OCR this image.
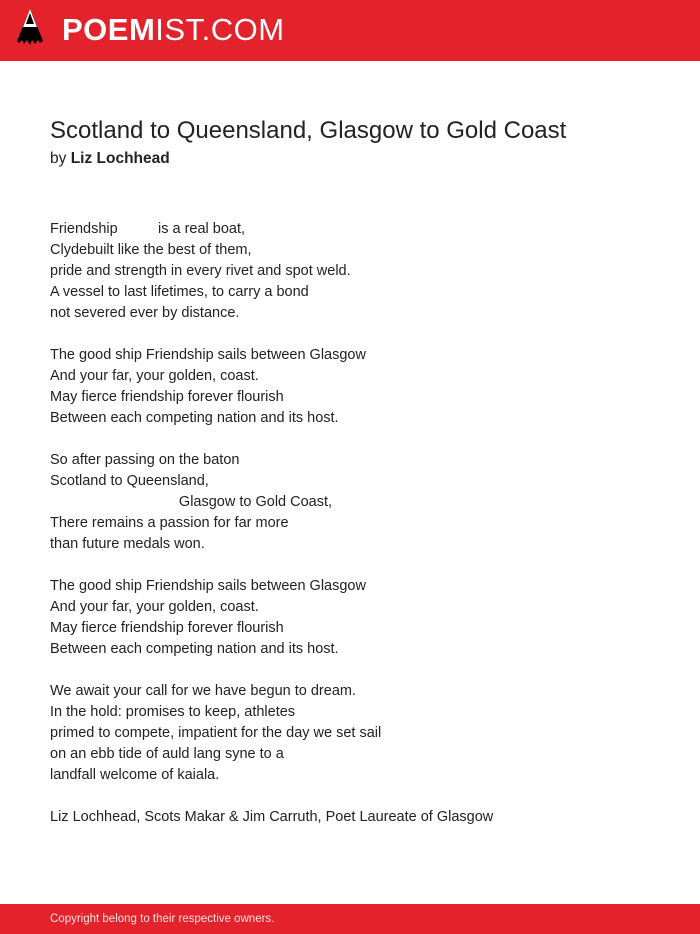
POEMIST.COM
Scotland to Queensland, Glasgow to Gold Coast
by Liz Lochhead
Friendship          is a real boat,
Clydebuilt like the best of them,
pride and strength in every rivet and spot weld.
A vessel to last lifetimes, to carry a bond
not severed ever by distance.
The good ship Friendship sails between Glasgow
And your far, your golden, coast.
May fierce friendship forever flourish
Between each competing nation and its host.
So after passing on the baton
Scotland to Queensland,
Glasgow to Gold Coast,
There remains a passion for far more
than future medals won.
The good ship Friendship sails between Glasgow
And your far, your golden, coast.
May fierce friendship forever flourish
Between each competing nation and its host.
We await your call for we have begun to dream.
In the hold: promises to keep, athletes
primed to compete, impatient for the day we set sail
on an ebb tide of auld lang syne to a
landfall welcome of kaiala.
Liz Lochhead, Scots Makar & Jim Carruth, Poet Laureate of Glasgow
Copyright belong to their respective owners.
